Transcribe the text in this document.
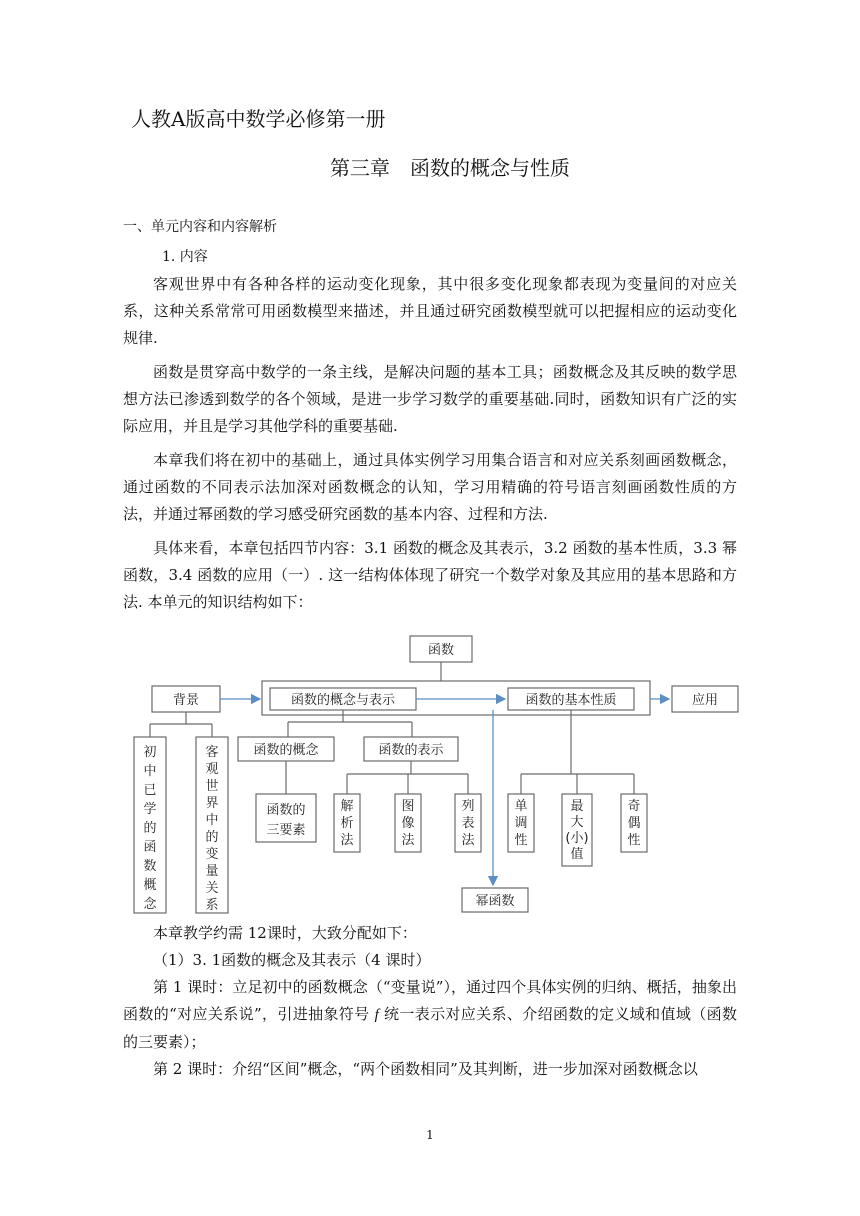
人教A版高中数学必修第一册
第三章　函数的概念与性质
一、单元内容和内容解析
1. 内容
客观世界中有各种各样的运动变化现象，其中很多变化现象都表现为变量间的对应关系，这种关系常常可用函数模型来描述，并且通过研究函数模型就可以把握相应的运动变化规律.
函数是贯穿高中数学的一条主线，是解决问题的基本工具；函数概念及其反映的数学思想方法已渗透到数学的各个领域，是进一步学习数学的重要基础.同时，函数知识有广泛的实际应用，并且是学习其他学科的重要基础.
本章我们将在初中的基础上，通过具体实例学习用集合语言和对应关系刻画函数概念，通过函数的不同表示法加深对函数概念的认知，学习用精确的符号语言刻画函数性质的方法，并通过幂函数的学习感受研究函数的基本内容、过程和方法.
具体来看，本章包括四节内容：3.1 函数的概念及其表示，3.2 函数的基本性质，3.3 幂函数，3.4 函数的应用（一）. 这一结构体体现了研究一个数学对象及其应用的基本思路和方法. 本单元的知识结构如下：
函数
背景	函数的概念与表示	函数的基本性质	应用
函数的概念	函数的表示
幂函数
初
中
已
学
的
函
数
概
念
客
观
世
界
中
的
变
量
关
系
函数的
三要素
解
析
法
图
像
法
列
表
法
单
调
性
最
大
(小)
值
奇
偶
性
本章教学约需 12课时，大致分配如下：
（1）3. 1函数的概念及其表示（4 课时）
第 1 课时：立足初中的函数概念（“变量说”），通过四个具体实例的归纳、概括，抽象出函数的“对应关系说”，引进抽象符号 f 统一表示对应关系、介绍函数的定义域和值域（函数的三要素）；
第 2 课时：介绍“区间”概念，“两个函数相同”及其判断，进一步加深对函数概念以
1
